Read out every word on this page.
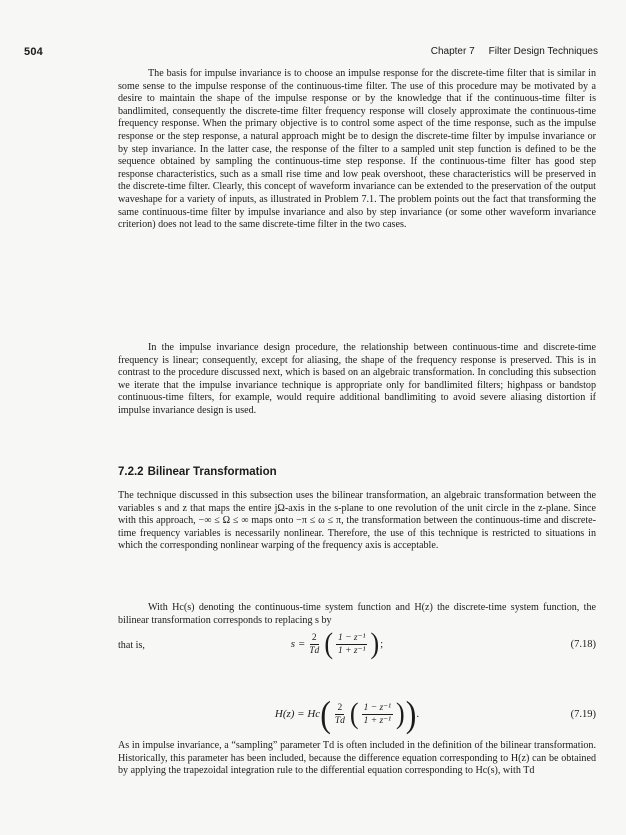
504	Chapter 7 Filter Design Techniques

The basis for impulse invariance is to choose an impulse response for the discrete-time filter that is similar in some sense to the impulse response of the continuous-time filter. The use of this procedure may be motivated by a desire to maintain the shape of the impulse response or by the knowledge that if the continuous-time filter is bandlimited, consequently the discrete-time filter frequency response will closely approximate the continuous-time frequency response. When the primary objective is to control some aspect of the time response, such as the impulse response or the step response, a natural approach might be to design the discrete-time filter by impulse invariance or by step invariance. In the latter case, the response of the filter to a sampled unit step function is defined to be the sequence obtained by sampling the continuous-time step response. If the continuous-time filter has good step response characteristics, such as a small rise time and low peak overshoot, these characteristics will be preserved in the discrete-time filter. Clearly, this concept of waveform invariance can be extended to the preservation of the output waveshape for a variety of inputs, as illustrated in Problem 7.1. The problem points out the fact that transforming the same continuous-time filter by impulse invariance and also by step invariance (or some other waveform invariance criterion) does not lead to the same discrete-time filter in the two cases.

In the impulse invariance design procedure, the relationship between continuous-time and discrete-time frequency is linear; consequently, except for aliasing, the shape of the frequency response is preserved. This is in contrast to the procedure discussed next, which is based on an algebraic transformation. In concluding this subsection we iterate that the impulse invariance technique is appropriate only for bandlimited filters; highpass or bandstop continuous-time filters, for example, would require additional bandlimiting to avoid severe aliasing distortion if impulse invariance design is used.

7.2.2 Bilinear Transformation

The technique discussed in this subsection uses the bilinear transformation, an algebraic transformation between the variables s and z that maps the entire jΩ-axis in the s-plane to one revolution of the unit circle in the z-plane. Since with this approach, −∞ ≤ Ω ≤ ∞ maps onto −π ≤ ω ≤ π, the transformation between the continuous-time and discrete-time frequency variables is necessarily nonlinear. Therefore, the use of this technique is restricted to situations in which the corresponding nonlinear warping of the frequency axis is acceptable.

With Hc(s) denoting the continuous-time system function and H(z) the discrete-time system function, the bilinear transformation corresponds to replacing s by

$s = \frac{2}{Td}$ ( $\frac{\text{1 − z⁻¹}}{\text{1 + z⁻¹}}$ ) ;	(7.18)

that is,

H(z) = Hc ( $\frac{2}{Td}$ ( $\frac{\text{1 − z⁻¹}}{\text{1 + z⁻¹}}$ ) ) .	(7.19)

As in impulse invariance, a “sampling” parameter Td is often included in the definition of the bilinear transformation. Historically, this parameter has been included, because the difference equation corresponding to H(z) can be obtained by applying the trapezoidal integration rule to the differential equation corresponding to Hc(s), with Td
